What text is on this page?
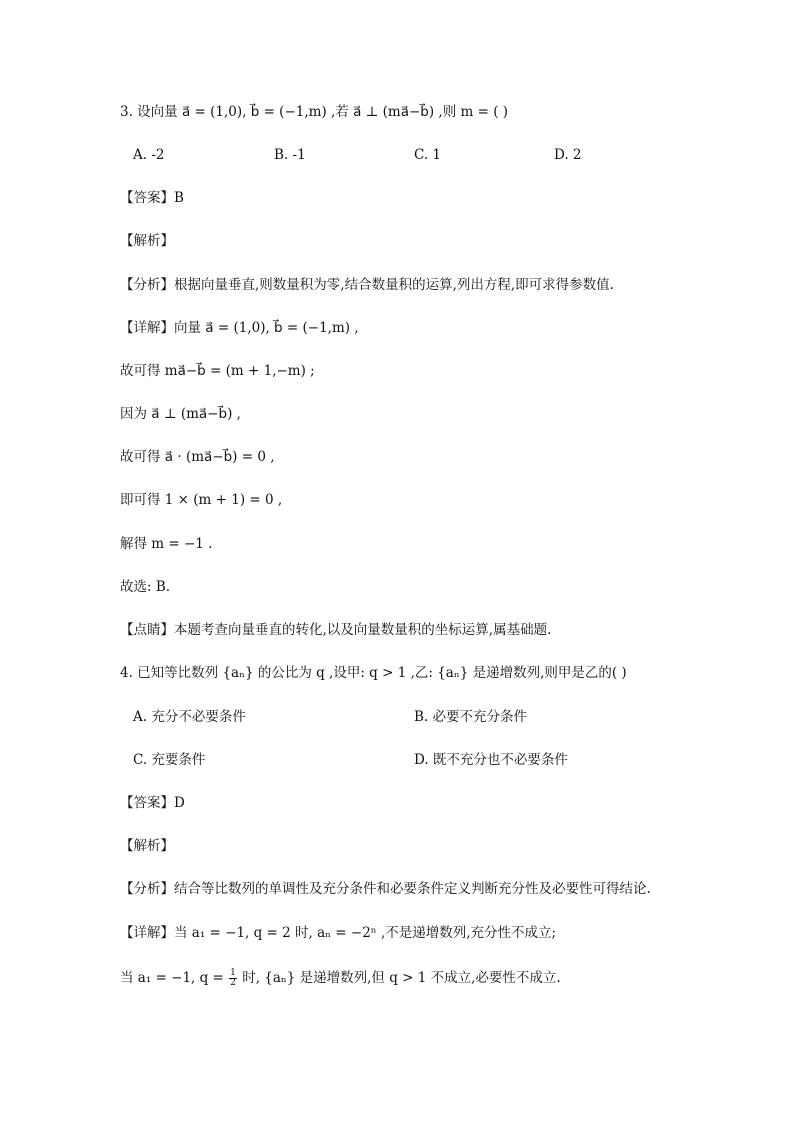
3. 设向量 a⃗ = (1,0), b⃗ = (−1,m) ,若 a⃗ ⊥ (ma⃗−b⃗) ,则 m = ( )
A. -2	B. -1	C. 1	D. 2
【答案】B
【解析】
【分析】根据向量垂直,则数量积为零,结合数量积的运算,列出方程,即可求得参数值.
【详解】向量 a⃗ = (1,0), b⃗ = (−1,m) ,
故可得 ma⃗−b⃗ = (m + 1,−m) ;
因为 a⃗ ⊥ (ma⃗−b⃗) ,
故可得 a⃗ · (ma⃗−b⃗) = 0 ,
即可得 1 × (m + 1) = 0 ,
解得 m = −1 .
故选: B.
【点睛】本题考查向量垂直的转化,以及向量数量积的坐标运算,属基础题.
4. 已知等比数列 {aₙ} 的公比为 q ,设甲: q > 1 ,乙: {aₙ} 是递增数列,则甲是乙的( )
A. 充分不必要条件	B. 必要不充分条件
C. 充要条件	D. 既不充分也不必要条件
【答案】D
【解析】
【分析】结合等比数列的单调性及充分条件和必要条件定义判断充分性及必要性可得结论.
【详解】当 a₁ = −1, q = 2 时, aₙ = −2ⁿ ,不是递增数列,充分性不成立;
当 a₁ = −1, $q = \frac{1}{2}$ 时, {aₙ} 是递增数列,但 q > 1 不成立,必要性不成立.
